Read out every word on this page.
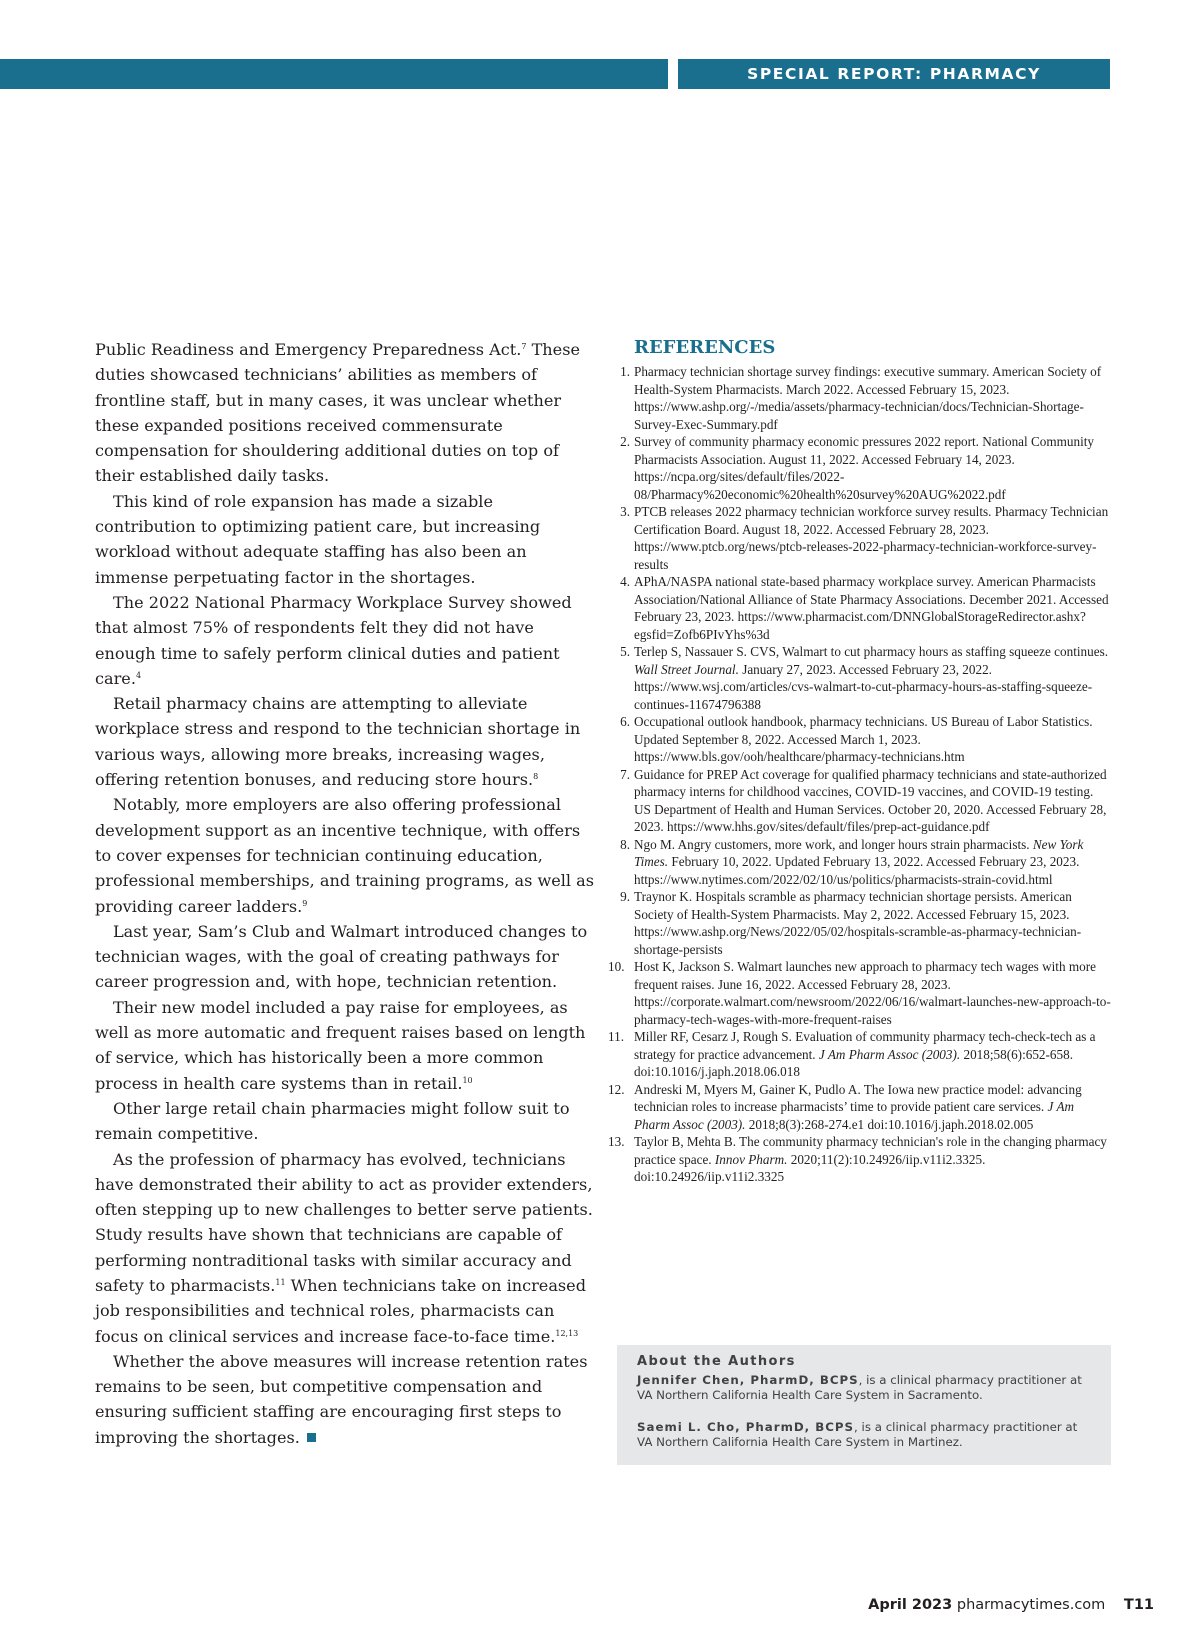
SPECIAL REPORT: PHARMACY TECHNICIANS

Public Readiness and Emergency Preparedness Act.$^7$ These duties showcased technicians’ abilities as members of frontline staff, but in many cases, it was unclear whether these expanded positions received commensurate compensation for shouldering additional duties on top of their established daily tasks.

This kind of role expansion has made a sizable contribution to optimizing patient care, but increasing workload without adequate staffing has also been an immense perpetuating factor in the shortages.

The 2022 National Pharmacy Workplace Survey showed that almost 75% of respondents felt they did not have enough time to safely perform clinical duties and patient care.$^4$

Retail pharmacy chains are attempting to alleviate workplace stress and respond to the technician shortage in various ways, allowing more breaks, increasing wages, offering retention bonuses, and reducing store hours.$^8$

Notably, more employers are also offering professional development support as an incentive technique, with offers to cover expenses for technician continuing education, professional memberships, and training programs, as well as providing career ladders.$^9$

Last year, Sam’s Club and Walmart introduced changes to technician wages, with the goal of creating pathways for career progression and, with hope, technician retention.

Their new model included a pay raise for employees, as well as more automatic and frequent raises based on length of service, which has historically been a more common process in health care systems than in retail.$^{10}$

Other large retail chain pharmacies might follow suit to remain competitive.

As the profession of pharmacy has evolved, technicians have demonstrated their ability to act as provider extenders, often stepping up to new challenges to better serve patients. Study results have shown that technicians are capable of performing nontraditional tasks with similar accuracy and safety to pharmacists.$^{11}$ When technicians take on increased job responsibilities and technical roles, pharmacists can focus on clinical services and increase face-to-face time.$^{12,13}$

Whether the above measures will increase retention rates remains to be seen, but competitive compensation and ensuring sufficient staffing are encouraging first steps to improving the shortages.

REFERENCES
1. Pharmacy technician shortage survey findings: executive summary. American Society of Health-System Pharmacists. March 2022. Accessed February 15, 2023. https://www.ashp.org/-/media/assets/pharmacy-technician/docs/Technician-Shortage-Survey-Exec-Summary.pdf
2. Survey of community pharmacy economic pressures 2022 report. National Community Pharmacists Association. August 11, 2022. Accessed February 14, 2023. https://ncpa.org/sites/default/files/2022-08/Pharmacy%20economic%20health%20survey%20AUG%2022.pdf
3. PTCB releases 2022 pharmacy technician workforce survey results. Pharmacy Technician Certification Board. August 18, 2022. Accessed February 28, 2023. https://www.ptcb.org/news/ptcb-releases-2022-pharmacy-technician-workforce-survey-results
4. APhA/NASPA national state-based pharmacy workplace survey. American Pharmacists Association/National Alliance of State Pharmacy Associations. December 2021. Accessed February 23, 2023. https://www.pharmacist.com/DNNGlobalStorageRedirector.ashx?egsfid=Zofb6PIvYhs%3d
5. Terlep S, Nassauer S. CVS, Walmart to cut pharmacy hours as staffing squeeze continues. Wall Street Journal. January 27, 2023. Accessed February 23, 2022. https://www.wsj.com/articles/cvs-walmart-to-cut-pharmacy-hours-as-staffing-squeeze-continues-11674796388
6. Occupational outlook handbook, pharmacy technicians. US Bureau of Labor Statistics. Updated September 8, 2022. Accessed March 1, 2023. https://www.bls.gov/ooh/healthcare/pharmacy-technicians.htm
7. Guidance for PREP Act coverage for qualified pharmacy technicians and state-authorized pharmacy interns for childhood vaccines, COVID-19 vaccines, and COVID-19 testing. US Department of Health and Human Services. October 20, 2020. Accessed February 28, 2023. https://www.hhs.gov/sites/default/files/prep-act-guidance.pdf
8. Ngo M. Angry customers, more work, and longer hours strain pharmacists. New York Times. February 10, 2022. Updated February 13, 2022. Accessed February 23, 2023. https://www.nytimes.com/2022/02/10/us/politics/pharmacists-strain-covid.html
9. Traynor K. Hospitals scramble as pharmacy technician shortage persists. American Society of Health-System Pharmacists. May 2, 2022. Accessed February 15, 2023. https://www.ashp.org/News/2022/05/02/hospitals-scramble-as-pharmacy-technician-shortage-persists
10. Host K, Jackson S. Walmart launches new approach to pharmacy tech wages with more frequent raises. June 16, 2022. Accessed February 28, 2023. https://corporate.walmart.com/newsroom/2022/06/16/walmart-launches-new-approach-to-pharmacy-tech-wages-with-more-frequent-raises
11. Miller RF, Cesarz J, Rough S. Evaluation of community pharmacy tech-check-tech as a strategy for practice advancement. J Am Pharm Assoc (2003). 2018;58(6):652-658. doi:10.1016/j.japh.2018.06.018
12. Andreski M, Myers M, Gainer K, Pudlo A. The Iowa new practice model: advancing technician roles to increase pharmacists’ time to provide patient care services. J Am Pharm Assoc (2003). 2018;8(3):268-274.e1 doi:10.1016/j.japh.2018.02.005
13. Taylor B, Mehta B. The community pharmacy technician's role in the changing pharmacy practice space. Innov Pharm. 2020;11(2):10.24926/iip.v11i2.3325. doi:10.24926/iip.v11i2.3325
About the Authors

Jennifer Chen, PharmD, BCPS, is a clinical pharmacy practitioner at VA Northern California Health Care System in Sacramento.

Saemi L. Cho, PharmD, BCPS, is a clinical pharmacy practitioner at VA Northern California Health Care System in Martinez.

April 2023 pharmacytimes.com T11
